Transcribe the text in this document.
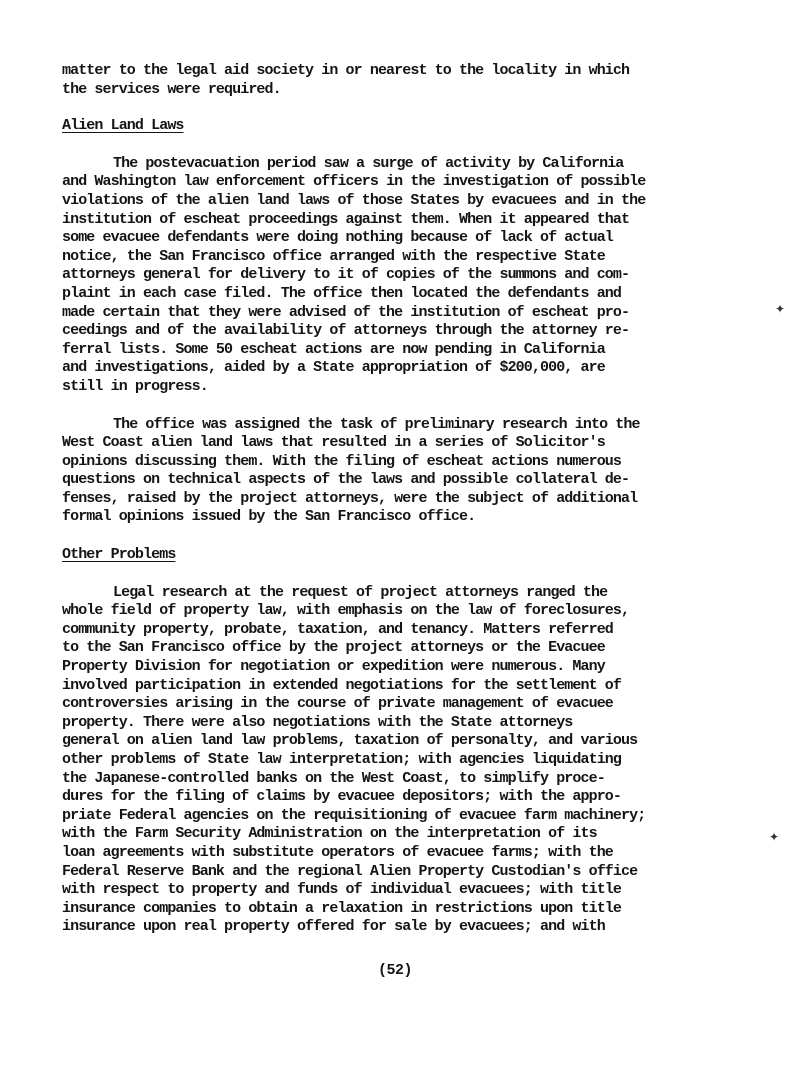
matter to the legal aid society in or nearest to the locality in which
the services were required.
Alien Land Laws
The postevacuation period saw a surge of activity by California
and Washington law enforcement officers in the investigation of possible
violations of the alien land laws of those States by evacuees and in the
institution of escheat proceedings against them. When it appeared that
some evacuee defendants were doing nothing because of lack of actual
notice, the San Francisco office arranged with the respective State
attorneys general for delivery to it of copies of the summons and com-
plaint in each case filed. The office then located the defendants and
made certain that they were advised of the institution of escheat pro-
ceedings and of the availability of attorneys through the attorney re-
ferral lists. Some 50 escheat actions are now pending in California
and investigations, aided by a State appropriation of $200,000, are
still in progress.
The office was assigned the task of preliminary research into the
West Coast alien land laws that resulted in a series of Solicitor's
opinions discussing them. With the filing of escheat actions numerous
questions on technical aspects of the laws and possible collateral de-
fenses, raised by the project attorneys, were the subject of additional
formal opinions issued by the San Francisco office.
Other Problems
Legal research at the request of project attorneys ranged the
whole field of property law, with emphasis on the law of foreclosures,
community property, probate, taxation, and tenancy. Matters referred
to the San Francisco office by the project attorneys or the Evacuee
Property Division for negotiation or expedition were numerous. Many
involved participation in extended negotiations for the settlement of
controversies arising in the course of private management of evacuee
property. There were also negotiations with the State attorneys
general on alien land law problems, taxation of personalty, and various
other problems of State law interpretation; with agencies liquidating
the Japanese-controlled banks on the West Coast, to simplify proce-
dures for the filing of claims by evacuee depositors; with the appro-
priate Federal agencies on the requisitioning of evacuee farm machinery;
with the Farm Security Administration on the interpretation of its
loan agreements with substitute operators of evacuee farms; with the
Federal Reserve Bank and the regional Alien Property Custodian's office
with respect to property and funds of individual evacuees; with title
insurance companies to obtain a relaxation in restrictions upon title
insurance upon real property offered for sale by evacuees; and with
(52)
✦
✦
